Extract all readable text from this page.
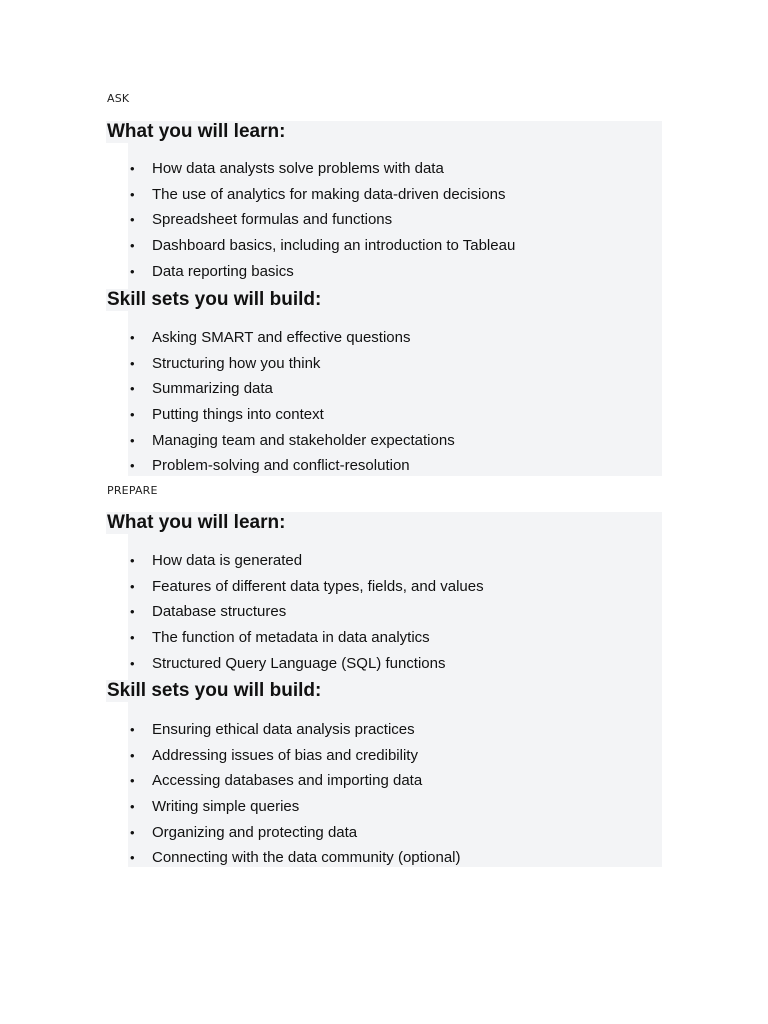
ASK
What you will learn:
• How data analysts solve problems with data
• The use of analytics for making data-driven decisions
• Spreadsheet formulas and functions
• Dashboard basics, including an introduction to Tableau
• Data reporting basics
Skill sets you will build:
• Asking SMART and effective questions
• Structuring how you think
• Summarizing data
• Putting things into context
• Managing team and stakeholder expectations
• Problem-solving and conflict-resolution
PREPARE
What you will learn:
• How data is generated
• Features of different data types, fields, and values
• Database structures
• The function of metadata in data analytics
• Structured Query Language (SQL) functions
Skill sets you will build:
• Ensuring ethical data analysis practices
• Addressing issues of bias and credibility
• Accessing databases and importing data
• Writing simple queries
• Organizing and protecting data
• Connecting with the data community (optional)
